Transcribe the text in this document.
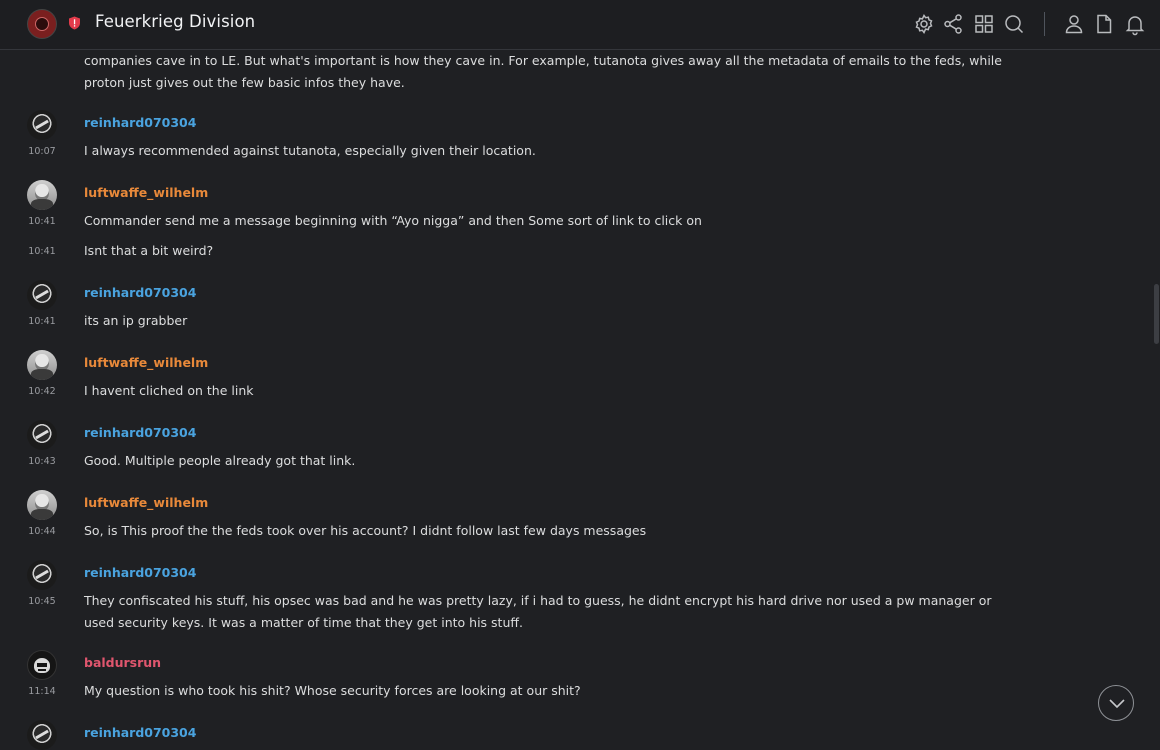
companies cave in to LE. But what's important is how they cave in. For example, tutanota gives away all the metadata of emails to the feds, while
proton just gives out the few basic infos they have.
reinhard070304
10:07 I always recommended against tutanota, especially given their location.
luftwaffe_wilhelm
10:41 Commander send me a message beginning with “Ayo nigga” and then Some sort of link to click on
10:41 Isnt that a bit weird?
reinhard070304
10:41 its an ip grabber
luftwaffe_wilhelm
10:42 I havent cliched on the link
reinhard070304
10:43 Good. Multiple people already got that link.
luftwaffe_wilhelm
10:44 So, is This proof the the feds took over his account? I didnt follow last few days messages
reinhard070304
10:45 They confiscated his stuff, his opsec was bad and he was pretty lazy, if i had to guess, he didnt encrypt his hard drive nor used a pw manager or
used security keys. It was a matter of time that they get into his stuff.
baldursrun
11:14 My question is who took his shit? Whose security forces are looking at our shit?
reinhard070304
Feuerkrieg Division
